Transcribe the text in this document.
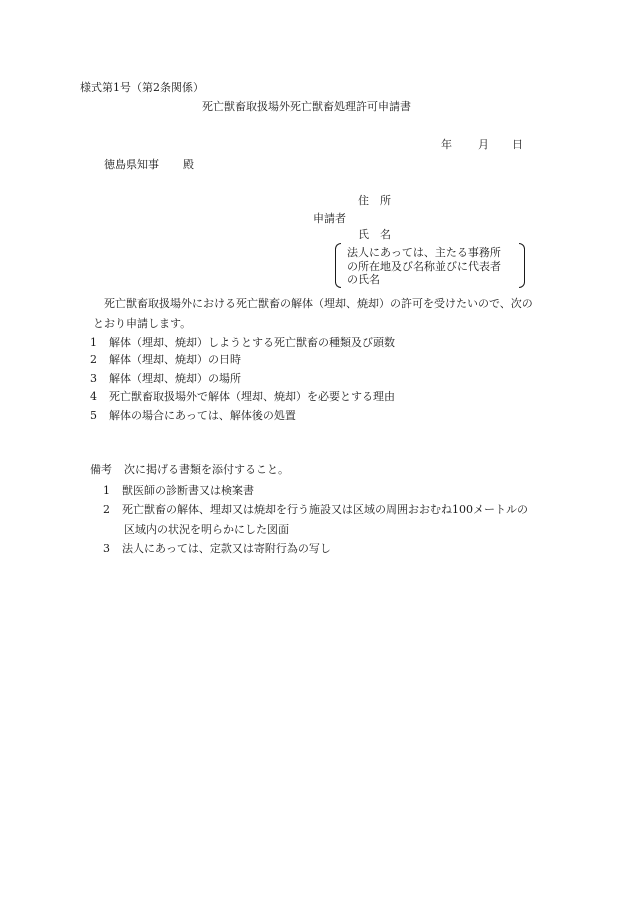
様式第1号（第2条関係）
死亡獣畜取扱場外死亡獣畜処理許可申請書
年 月 日
徳島県知事 殿
住　所
申請者
氏　名
法人にあっては、主たる事務所
の所在地及び名称並びに代表者
の氏名
死亡獣畜取扱場外における死亡獣畜の解体（埋却、焼却）の許可を受けたいので、次の
とおり申請します。
1 解体（埋却、焼却）しようとする死亡獣畜の種類及び頭数
2 解体（埋却、焼却）の日時
3 解体（埋却、焼却）の場所
4 死亡獣畜取扱場外で解体（埋却、焼却）を必要とする理由
5 解体の場合にあっては、解体後の処置
備考 次に掲げる書類を添付すること。
1 獣医師の診断書又は検案書
2 死亡獣畜の解体、埋却又は焼却を行う施設又は区域の周囲おおむね100メートルの
区域内の状況を明らかにした図面
3 法人にあっては、定款又は寄附行為の写し
